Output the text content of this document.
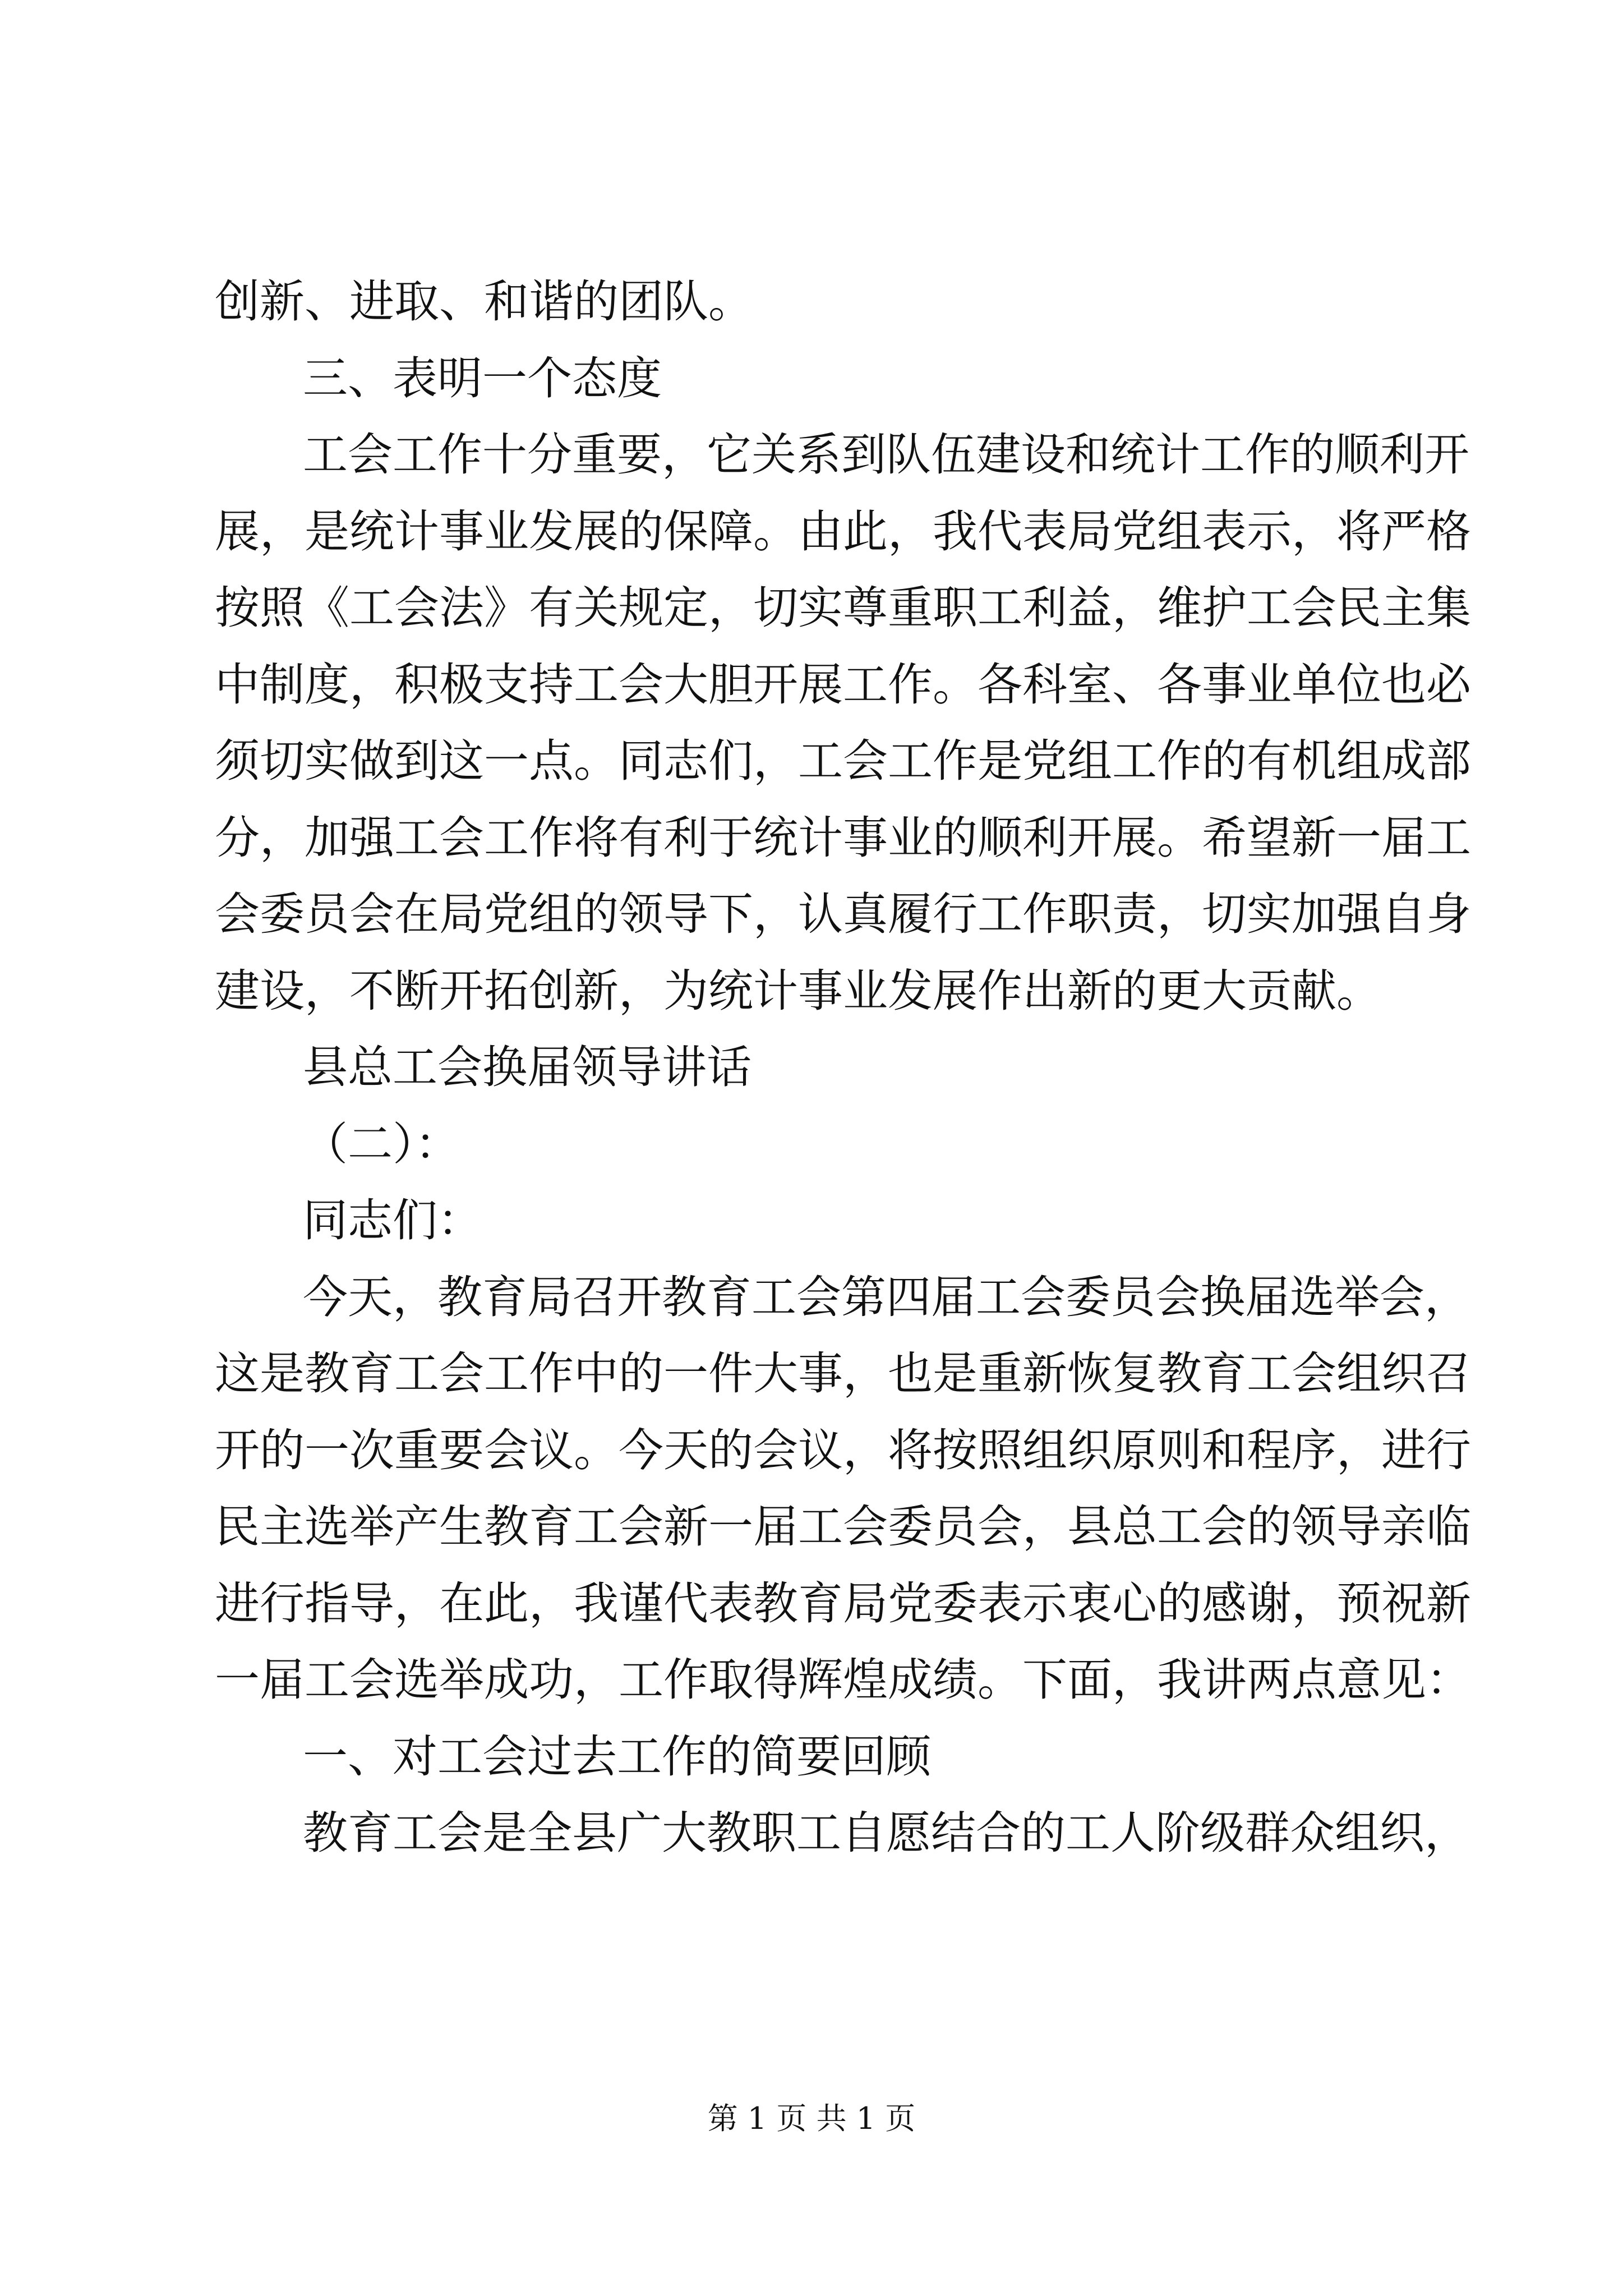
创新、进取、和谐的团队。
三、表明一个态度
工会工作十分重要，它关系到队伍建设和统计工作的顺利开
展，是统计事业发展的保障。由此，我代表局党组表示，将严格
按照《工会法》有关规定，切实尊重职工利益，维护工会民主集
中制度，积极支持工会大胆开展工作。各科室、各事业单位也必
须切实做到这一点。同志们，工会工作是党组工作的有机组成部
分，加强工会工作将有利于统计事业的顺利开展。希望新一届工
会委员会在局党组的领导下，认真履行工作职责，切实加强自身
建设，不断开拓创新，为统计事业发展作出新的更大贡献。
县总工会换届领导讲话
（二）：
同志们：
今天，教育局召开教育工会第四届工会委员会换届选举会，
这是教育工会工作中的一件大事，也是重新恢复教育工会组织召
开的一次重要会议。今天的会议，将按照组织原则和程序，进行
民主选举产生教育工会新一届工会委员会，县总工会的领导亲临
进行指导，在此，我谨代表教育局党委表示衷心的感谢，预祝新
一届工会选举成功，工作取得辉煌成绩。下面，我讲两点意见：
一、对工会过去工作的简要回顾
教育工会是全县广大教职工自愿结合的工人阶级群众组织，
第 1 页 共 1 页
